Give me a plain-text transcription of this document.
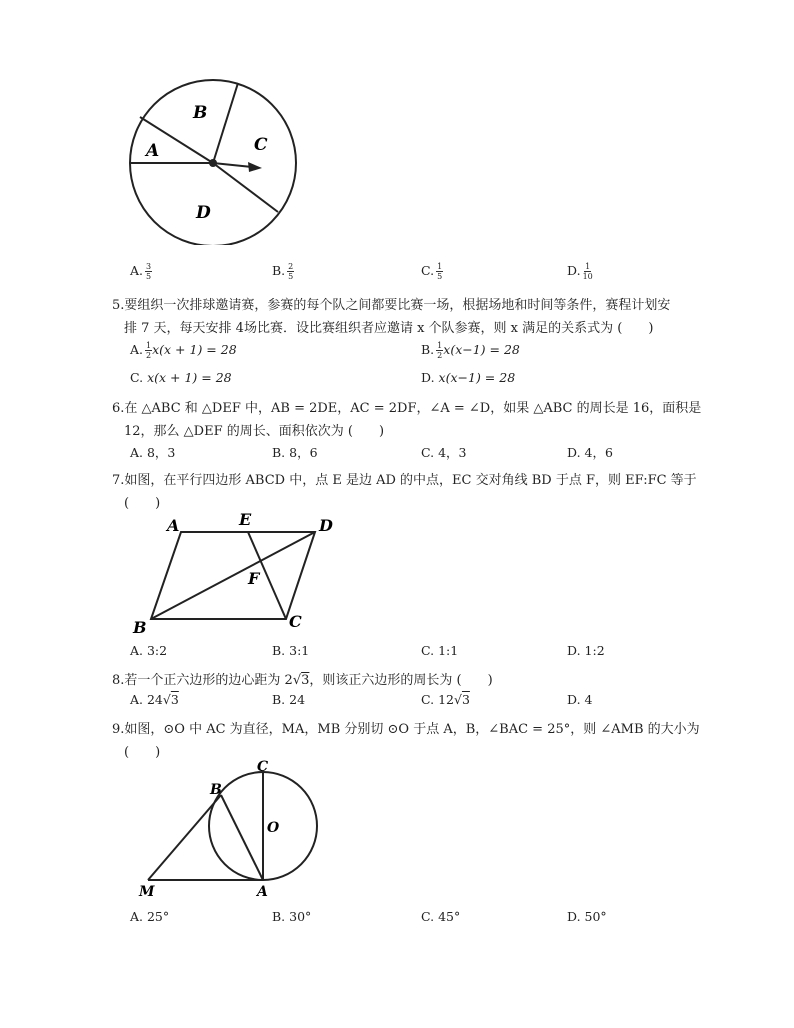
A
B
C
D
A. $\frac{3}{5}$	B. $\frac{2}{5}$	C. $\frac{1}{5}$	D. $\frac{1}{10}$
5.要组织一次排球邀请赛，参赛的每个队之间都要比赛一场，根据场地和时间等条件，赛程计划安
排 7 天，每天安排 4场比赛．设比赛组织者应邀请 x 个队参赛，则 x 满足的关系式为 (　　)
A. $\frac{1}{2} x(x + 1) = 28$	B. $\frac{1}{2} x(x-1) = 28$
C. x(x + 1) = 28	D. x(x−1) = 28
6.在 △ABC 和 △DEF 中，AB = 2DE，AC = 2DF，∠A = ∠D，如果 △ABC 的周长是 16，面积是
12，那么 △DEF 的周长、面积依次为 (　　)
A. 8，3	B. 8，6	C. 4，3	D. 4，6
7.如图，在平行四边形 ABCD 中，点 E 是边 AD 的中点，EC 交对角线 BD 于点 F，则 EF:FC 等于
(　　)
A	E	D
F
B	C
A. 3:2	B. 3:1	C. 1:1	D. 1:2
8.若一个正六边形的边心距为 2√3，则该正六边形的周长为 (　　)
A. 24√3	B. 24	C. 12√3	D. 4
9.如图，⊙O 中 AC 为直径，MA，MB 分别切 ⊙O 于点 A，B，∠BAC = 25°，则 ∠AMB 的大小为
(　　)
C
B
O
M	A
A. 25°	B. 30°	C. 45°	D. 50°
